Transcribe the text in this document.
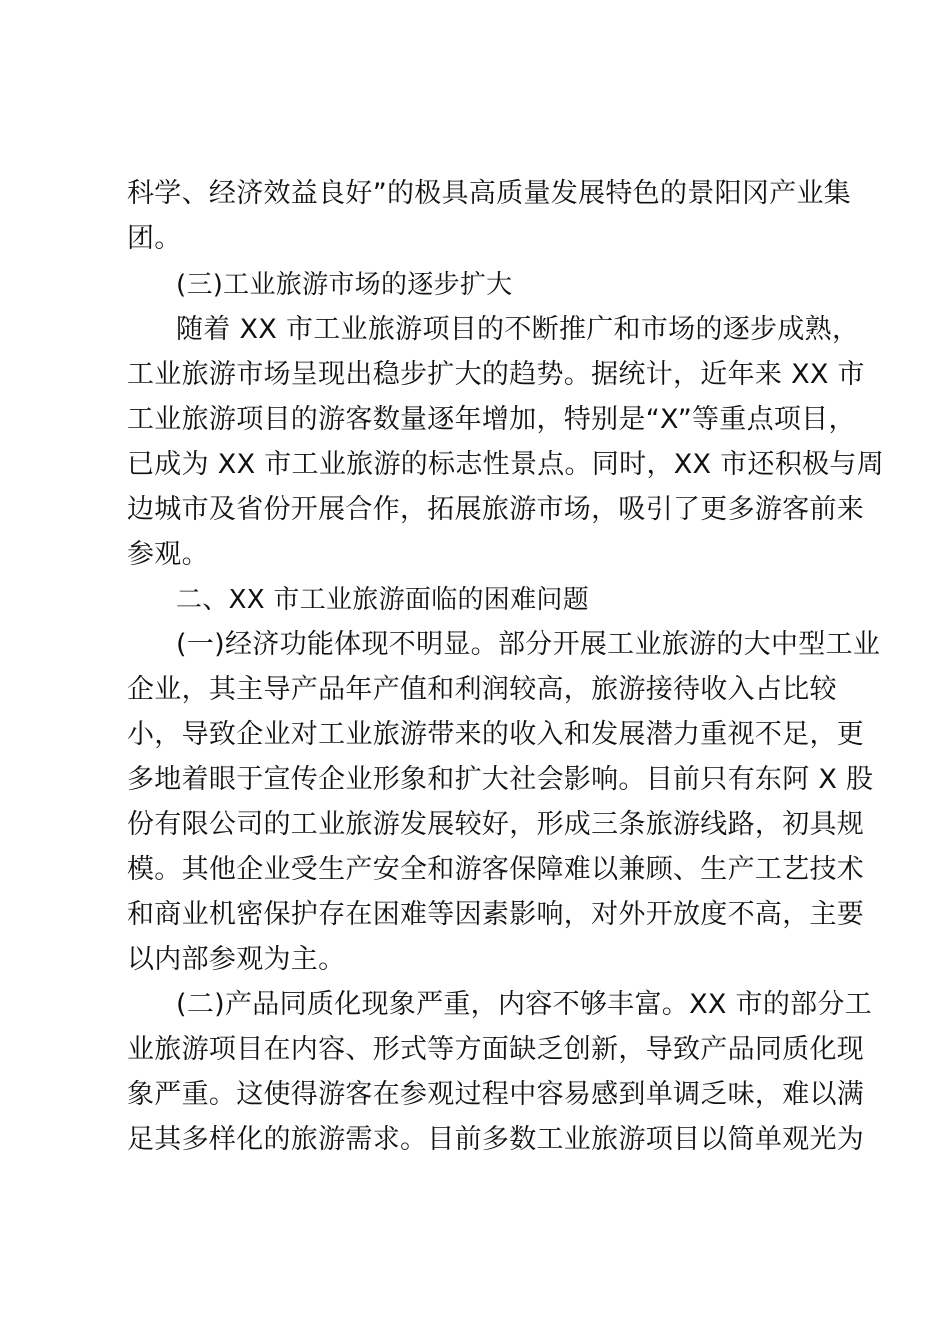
科学、经济效益良好”的极具高质量发展特色的景阳冈产业集
团。
(三)工业旅游市场的逐步扩大
随着 XX 市工业旅游项目的不断推广和市场的逐步成熟，
工业旅游市场呈现出稳步扩大的趋势。据统计，近年来 XX 市
工业旅游项目的游客数量逐年增加，特别是“X”等重点项目，
已成为 XX 市工业旅游的标志性景点。同时，XX 市还积极与周
边城市及省份开展合作，拓展旅游市场，吸引了更多游客前来
参观。
二、XX 市工业旅游面临的困难问题
(一)经济功能体现不明显。部分开展工业旅游的大中型工业
企业，其主导产品年产值和利润较高，旅游接待收入占比较
小，导致企业对工业旅游带来的收入和发展潜力重视不足，更
多地着眼于宣传企业形象和扩大社会影响。目前只有东阿 X 股
份有限公司的工业旅游发展较好，形成三条旅游线路，初具规
模。其他企业受生产安全和游客保障难以兼顾、生产工艺技术
和商业机密保护存在困难等因素影响，对外开放度不高，主要
以内部参观为主。
(二)产品同质化现象严重，内容不够丰富。XX 市的部分工
业旅游项目在内容、形式等方面缺乏创新，导致产品同质化现
象严重。这使得游客在参观过程中容易感到单调乏味，难以满
足其多样化的旅游需求。目前多数工业旅游项目以简单观光为
